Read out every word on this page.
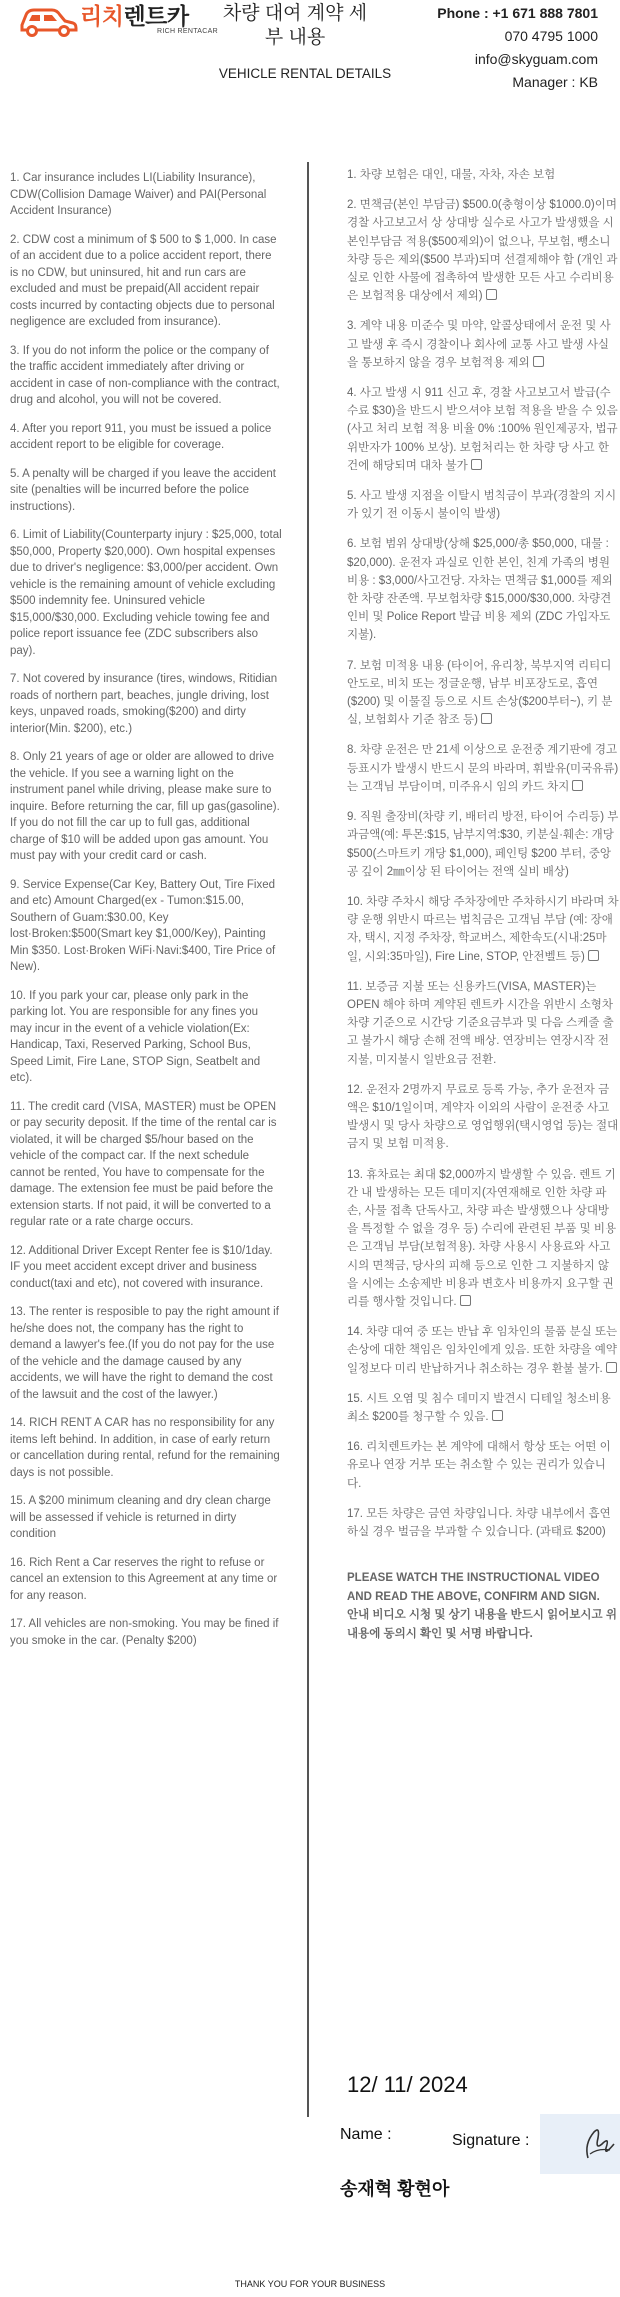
리치렌트카
RICH RENTACAR
차량 대여 계약 세부 내용
VEHICLE RENTAL DETAILS
Phone : +1 671 888 7801
070 4795 1000
info@skyguam.com
Manager : KB

1. Car insurance includes LI(Liability Insurance), CDW(Collision Damage Waiver) and PAI(Personal Accident Insurance)

2. CDW cost a minimum of $ 500 to $ 1,000. In case of an accident due to a police accident report, there is no CDW, but uninsured, hit and run cars are excluded and must be prepaid(All accident repair costs incurred by contacting objects due to personal negligence are excluded from insurance).

3. If you do not inform the police or the company of the traffic accident immediately after driving or accident in case of non-compliance with the contract, drug and alcohol, you will not be covered.

4. After you report 911, you must be issued a police accident report to be eligible for coverage.

5. A penalty will be charged if you leave the accident site (penalties will be incurred before the police instructions).

6. Limit of Liability(Counterparty injury : $25,000, total $50,000, Property $20,000). Own hospital expenses due to driver's negligence: $3,000/per accident. Own vehicle is the remaining amount of vehicle excluding $500 indemnity fee. Uninsured vehicle $15,000/$30,000. Excluding vehicle towing fee and police report issuance fee (ZDC subscribers also pay).

7. Not covered by insurance (tires, windows, Ritidian roads of northern part, beaches, jungle driving, lost keys, unpaved roads, smoking($200) and dirty interior(Min. $200), etc.)

8. Only 21 years of age or older are allowed to drive the vehicle. If you see a warning light on the instrument panel while driving, please make sure to inquire. Before returning the car, fill up gas(gasoline). If you do not fill the car up to full gas, additional charge of $10 will be added upon gas amount. You must pay with your credit card or cash.

9. Service Expense(Car Key, Battery Out, Tire Fixed and etc) Amount Charged(ex - Tumon:$15.00, Southern of Guam:$30.00, Key lost·Broken:$500(Smart key $1,000/Key), Painting Min $350. Lost·Broken WiFi·Navi:$400, Tire Price of New).

10. If you park your car, please only park in the parking lot. You are responsible for any fines you may incur in the event of a vehicle violation(Ex: Handicap, Taxi, Reserved Parking, School Bus, Speed Limit, Fire Lane, STOP Sign, Seatbelt and etc).

11. The credit card (VISA, MASTER) must be OPEN or pay security deposit. If the time of the rental car is violated, it will be charged $5/hour based on the vehicle of the compact car. If the next schedule cannot be rented, You have to compensate for the damage. The extension fee must be paid before the extension starts. If not paid, it will be converted to a regular rate or a rate charge occurs.

12. Additional Driver Except Renter fee is $10/1day. IF you meet accident except driver and business conduct(taxi and etc), not covered with insurance.

13. The renter is resposible to pay the right amount if he/she does not, the company has the right to demand a lawyer's fee.(If you do not pay for the use of the vehicle and the damage caused by any accidents, we will have the right to demand the cost of the lawsuit and the cost of the lawyer.)

14. RICH RENT A CAR has no responsibility for any items left behind. In addition, in case of early return or cancellation during rental, refund for the remaining days is not possible.

15. A $200 minimum cleaning and dry clean charge will be assessed if vehicle is returned in dirty condition

16. Rich Rent a Car reserves the right to refuse or cancel an extension to this Agreement at any time or for any reason.

17. All vehicles are non-smoking. You may be fined if you smoke in the car. (Penalty $200)

1. 차량 보험은 대인, 대물, 자차, 자손 보험

2. 면책금(본인 부담금) $500.0(충형이상 $1000.0)이며 경찰 사고보고서 상 상대방 실수로 사고가 발생했을 시 본인부담금 적용($500제외)이 없으나, 무보험, 뺑소니 차량 등은 제외($500 부과)되며 선결제해야 함 (개인 과실로 인한 사물에 접촉하여 발생한 모든 사고 수리비용은 보험적용 대상에서 제외)

3. 계약 내용 미준수 및 마약, 알콜상태에서 운전 및 사고 발생 후 즉시 경찰이나 회사에 교통 사고 발생 사실을 통보하지 않을 경우 보험적용 제외

4. 사고 발생 시 911 신고 후, 경찰 사고보고서 발급(수수료 $30)을 반드시 받으셔야 보험 적용을 받을 수 있음(사고 처리 보험 적용 비율 0% :100% 원인제공자, 법규 위반자가 100% 보상). 보험처리는 한 차량 당 사고 한 건에 해당되며 대차 불가

5. 사고 발생 지점을 이탈시 범칙금이 부과(경찰의 지시가 있기 전 이동시 불이익 발생)

6. 보험 범위 상대방(상해 $25,000/총 $50,000, 대물 : $20,000). 운전자 과실로 인한 본인, 친계 가족의 병원비용 : $3,000/사고건당. 자차는 면책금 $1,000를 제외한 차량 잔존액. 무보험차량 $15,000/$30,000. 차량견인비 및 Police Report 발급 비용 제외 (ZDC 가입자도 지불).

7. 보험 미적용 내용 (타이어, 유리창, 북부지역 리티디안도로, 비치 또는 정글운행, 남부 비포장도로, 흡연($200) 및 이물질 등으로 시트 손상($200부터~), 키 분실, 보험회사 기준 참조 등)

8. 차량 운전은 만 21세 이상으로 운전중 계기판에 경고등표시가 발생시 반드시 문의 바라며, 휘발유(미국유류)는 고객님 부담이며, 미주유시 임의 카드 차지

9. 직원 출장비(차량 키, 배터리 방전, 타이어 수리등) 부과금액(예: 투몬:$15, 남부지역:$30, 키분실·훼손: 개당 $500(스마트키 개당 $1,000), 페인팅 $200 부터, 중앙 공 깊이 2㎜이상 된 타이어는 전액 실비 배상)

10. 차량 주차시 해당 주차장에만 주차하시기 바라며 차량 운행 위반시 따르는 법칙금은 고객님 부담 (예: 장애자, 택시, 지정 주차장, 학교버스, 제한속도(시내:25마일, 시외:35마일), Fire Line, STOP, 안전벨트 등)

11. 보증금 지불 또는 신용카드(VISA, MASTER)는OPEN 해야 하며 계약된 렌트카 시간을 위반시 소형차 차량 기준으로 시간당 기준요금부과 및 다음 스케줄 출고 불가시 해당 손해 전액 배상. 연장비는 연장시작 전 지불, 미지불시 일반요금 전환.

12. 운전자 2명까지 무료로 등록 가능, 추가 운전자 금액은 $10/1일이며, 계약자 이외의 사람이 운전중 사고 발생시 및 당사 차량으로 영업행위(택시영업 등)는 절대 금지 및 보험 미적용.

13. 휴차료는 최대 $2,000까지 발생할 수 있음. 렌트 기간 내 발생하는 모든 데미지(자연재해로 인한 차량 파손, 사물 접촉 단독사고, 차량 파손 발생했으나 상대방을 특정할 수 없을 경우 등) 수리에 관련된 부품 및 비용은 고객님 부담(보험적용). 차량 사용시 사용료와 사고시의 면책금, 당사의 피해 등으로 인한 그 지불하지 않을 시에는 소송제반 비용과 변호사 비용까지 요구할 권리를 행사할 것입니다.

14. 차량 대여 중 또는 반납 후 임차인의 물품 분실 또는 손상에 대한 책임은 임차인에게 있음. 또한 차량을 예약일정보다 미리 반납하거나 취소하는 경우 환불 불가.

15. 시트 오염 및 침수 데미지 발견시 디테일 청소비용 최소 $200를 청구할 수 있음.

16. 리치렌트카는 본 계약에 대해서 항상 또는 어떤 이유로나 연장 거부 또는 취소할 수 있는 권리가 있습니다.

17. 모든 차량은 금연 차량입니다. 차량 내부에서 흡연하실 경우 벌금을 부과할 수 있습니다. (과태료 $200)

PLEASE WATCH THE INSTRUCTIONAL VIDEO AND READ THE ABOVE, CONFIRM AND SIGN.
안내 비디오 시청 및 상기 내용을 반드시 읽어보시고 위 내용에 동의시 확인 및 서명 바랍니다.
12/ 11/ 2024
Name :	Signature :
송재혁 황현아
THANK YOU FOR YOUR BUSINESS
